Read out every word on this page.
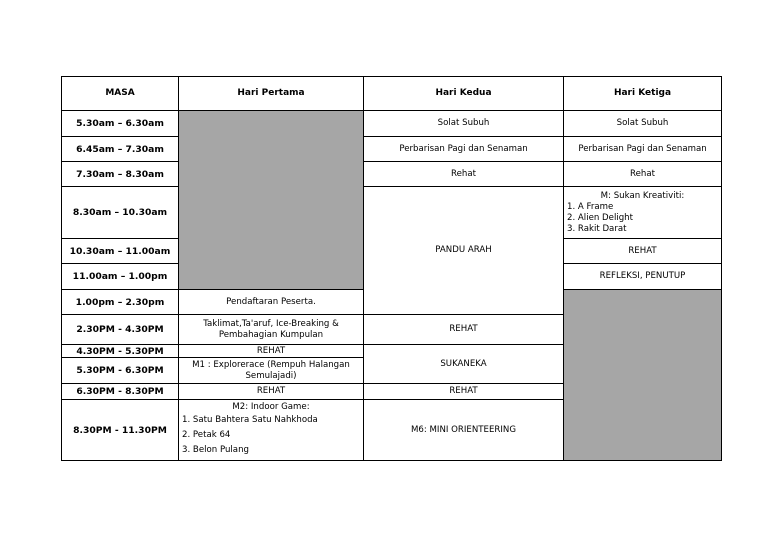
MASA	Hari Pertama	Hari Kedua	Hari Ketiga
5.30am – 6.30am		Solat Subuh	Solat Subuh
6.45am – 7.30am		Perbarisan Pagi dan Senaman	Perbarisan Pagi dan Senaman
7.30am – 8.30am		Rehat	Rehat
8.30am – 10.30am		PANDU ARAH	M: Sukan Kreativiti:
1. A Frame
2. Alien Delight
3. Rakit Darat

10.30am – 11.00am			REHAT
11.00am – 1.00pm			REFLEKSI, PENUTUP
1.00pm – 2.30pm	Pendaftaran Peserta.		
2.30PM - 4.30PM	Taklimat,Ta'aruf, Ice-Breaking & Pembahagian Kumpulan	REHAT	
4.30PM - 5.30PM	REHAT	SUKANEKA	
5.30PM - 6.30PM	M1 : Explorerace (Rempuh Halangan Semulajadi)		
6.30PM - 8.30PM	REHAT	REHAT	
8.30PM - 11.30PM	M2: Indoor Game:
1. Satu Bahtera Satu Nahkhoda
2. Petak 64
3. Belon Pulang	M6: MINI ORIENTEERING	
